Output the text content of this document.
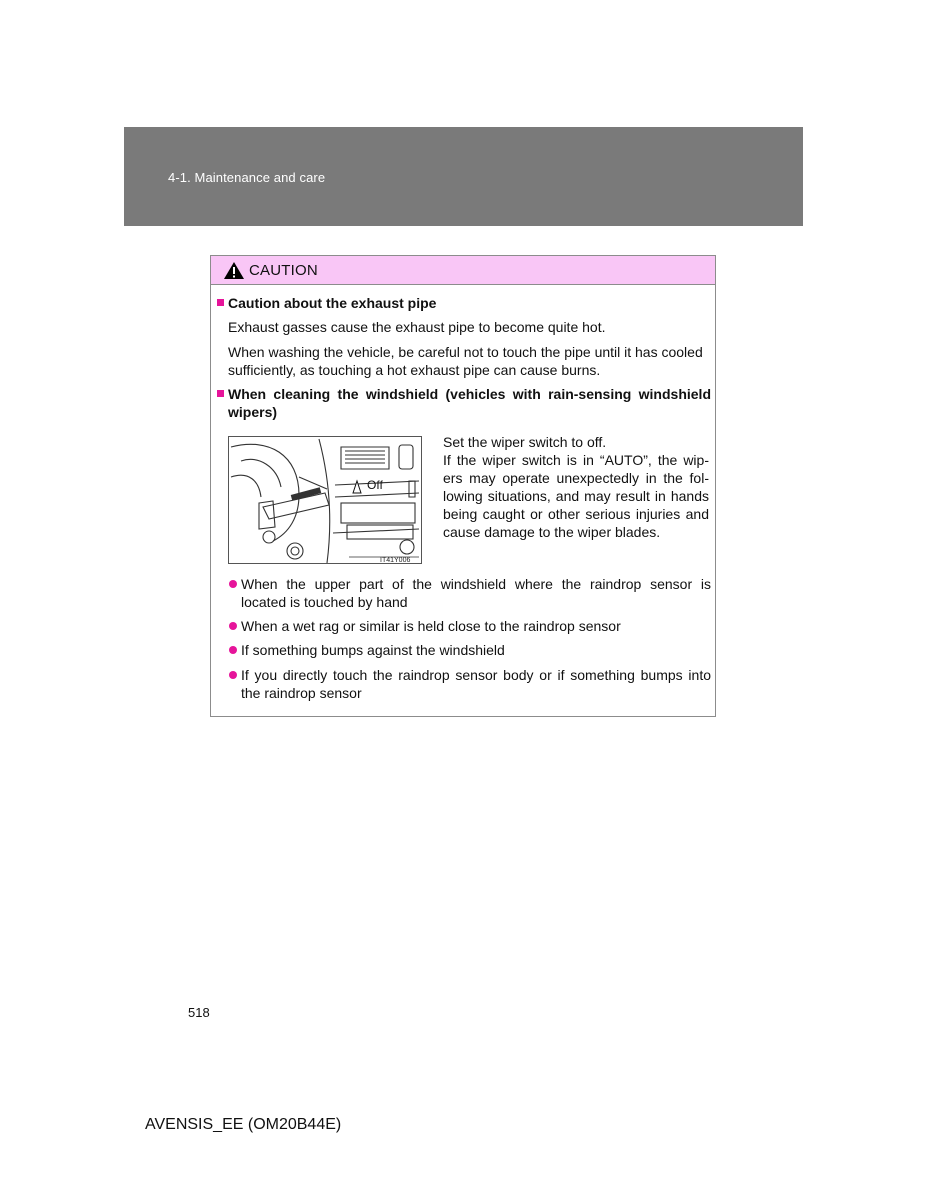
4-1. Maintenance and care
CAUTION
Caution about the exhaust pipe
Exhaust gasses cause the exhaust pipe to become quite hot.
When washing the vehicle, be careful not to touch the pipe until it has cooled
sufficiently, as touching a hot exhaust pipe can cause burns.
When cleaning the windshield (vehicles with rain-sensing windshield
wipers)
Off
IT41Y006
Set the wiper switch to off.
If the wiper switch is in “AUTO”, the wip-
ers may operate unexpectedly in the fol-
lowing situations, and may result in hands
being caught or other serious injuries and
cause damage to the wiper blades.
When the upper part of the windshield where the raindrop sensor is
located is touched by hand
When a wet rag or similar is held close to the raindrop sensor
If something bumps against the windshield
If you directly touch the raindrop sensor body or if something bumps into
the raindrop sensor
518
AVENSIS_EE (OM20B44E)
